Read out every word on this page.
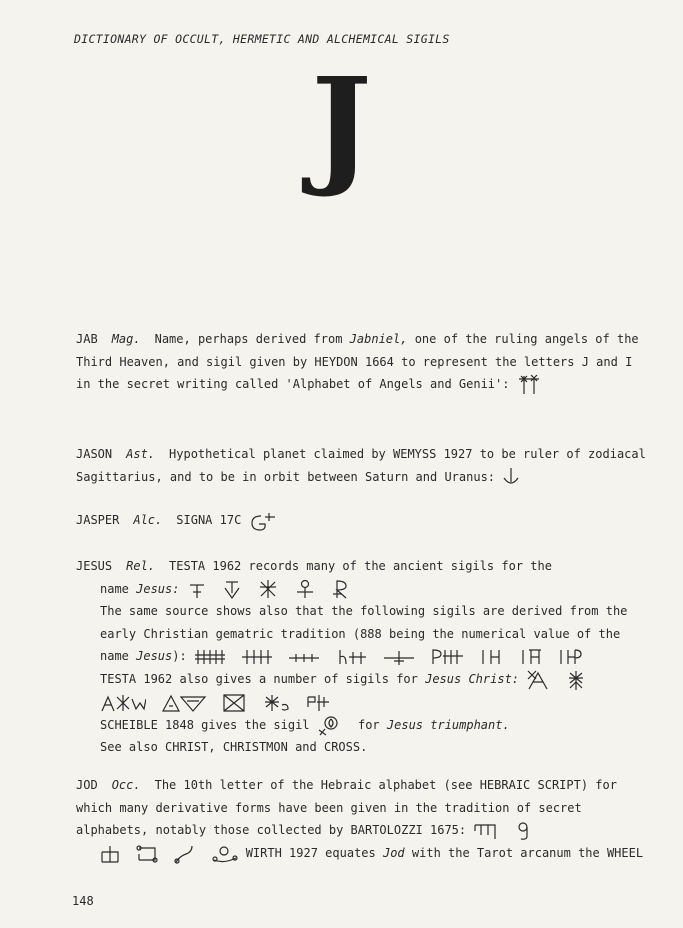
DICTIONARY OF OCCULT, HERMETIC AND ALCHEMICAL SIGILS
J

JAB Mag. Name, perhaps derived from Jabniel, one of the ruling angels of the Third Heaven, and sigil given by HEYDON 1664 to represent the letters J and I in the secret writing called 'Alphabet of Angels and Genii':

JASON Ast. Hypothetical planet claimed by WEMYSS 1927 to be ruler of zodiacal Sagittarius, and to be in orbit between Saturn and Uranus:

JASPER Alc. SIGNA 17C

JESUS Rel. TESTA 1962 records many of the ancient sigils for the

name Jesus:

The same source shows also that the following sigils are derived from the early Christian gematric tradition (888 being the numerical value of the name Jesus):

TESTA 1962 also gives a number of sigils for Jesus Christ:

SCHEIBLE 1848 gives the sigil	for Jesus triumphant.

See also CHRIST, CHRISTMON and CROSS.

JOD Occ. The 10th letter of the Hebraic alphabet (see HEBRAIC SCRIPT) for which many derivative forms have been given in the tradition of secret alphabets, notably those collected by BARTOLOZZI 1675:

WIRTH 1927 equates Jod with the Tarot arcanum the WHEEL

148
